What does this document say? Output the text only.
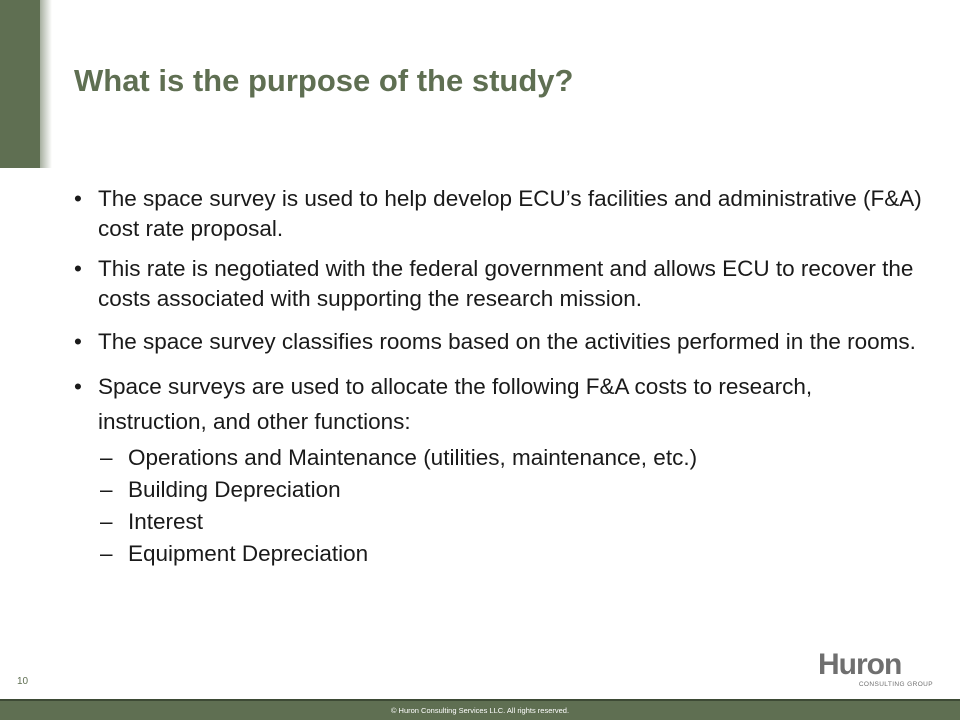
What is the purpose of the study?
• The space survey is used to help develop ECU’s facilities and administrative (F&A) cost rate proposal.
• This rate is negotiated with the federal government and allows ECU to recover the costs associated with supporting the research mission.
• The space survey classifies rooms based on the activities performed in the rooms.
• Space surveys are used to allocate the following F&A costs to research, instruction, and other functions:
– Operations and Maintenance (utilities, maintenance, etc.)
– Building Depreciation
– Interest
– Equipment Depreciation
10
Huron
CONSULTING GROUP
© Huron Consulting Services LLC. All rights reserved.
